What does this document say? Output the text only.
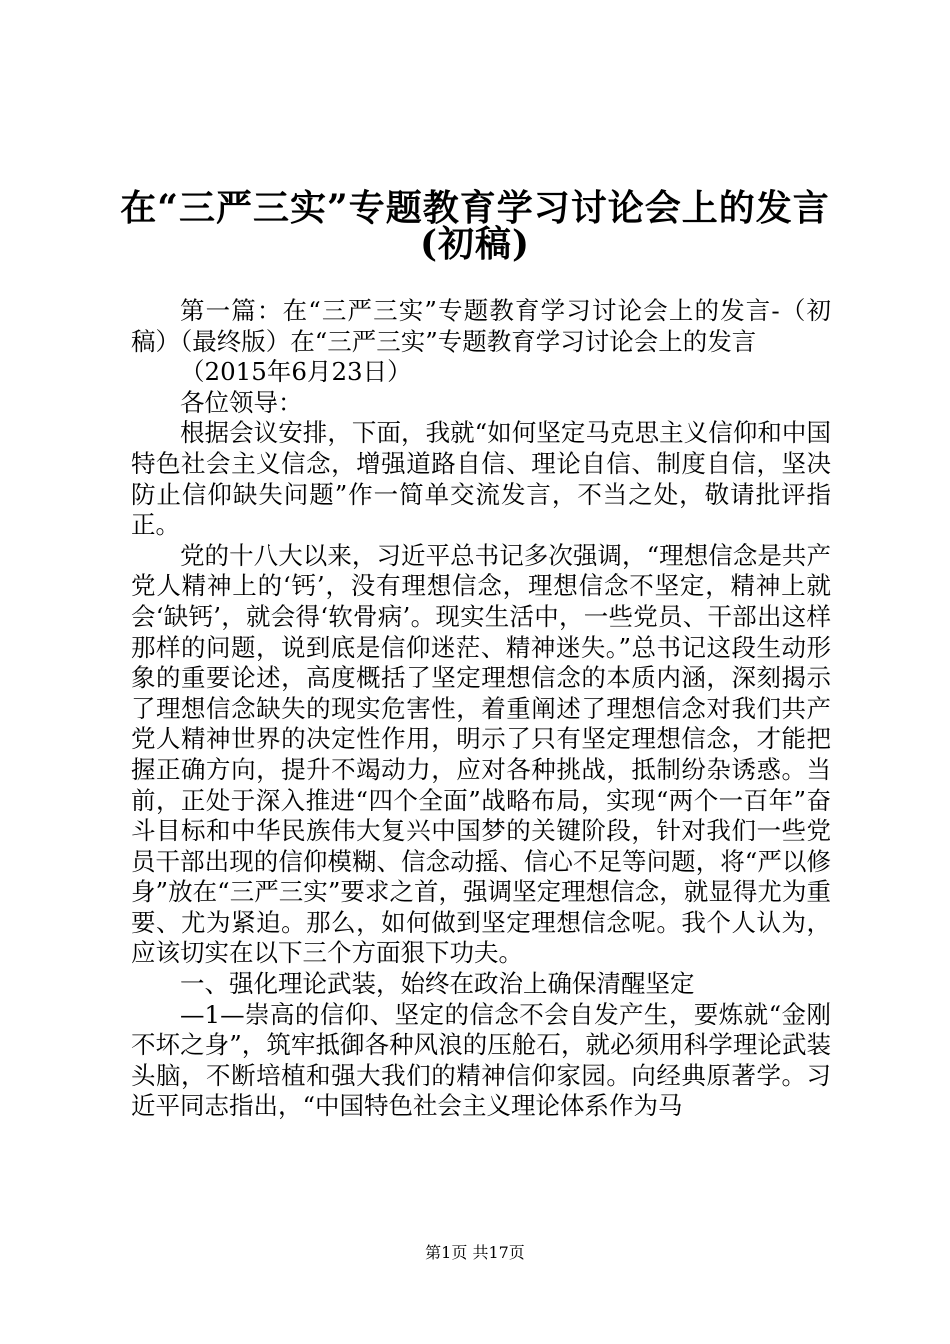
在“三严三实”专题教育学习讨论会上的发言
(初稿)

第一篇：在“三严三实”专题教育学习讨论会上的发言-（初稿）（最终版）在“三严三实”专题教育学习讨论会上的发言

（2015年6月23日）

各位领导：

根据会议安排，下面，我就“如何坚定马克思主义信仰和中国特色社会主义信念，增强道路自信、理论自信、制度自信，坚决防止信仰缺失问题”作一简单交流发言，不当之处，敬请批评指正。

党的十八大以来，习近平总书记多次强调，“理想信念是共产党人精神上的‘钙’，没有理想信念，理想信念不坚定，精神上就会‘缺钙’，就会得‘软骨病’。现实生活中，一些党员、干部出这样那样的问题，说到底是信仰迷茫、精神迷失。”总书记这段生动形象的重要论述，高度概括了坚定理想信念的本质内涵，深刻揭示了理想信念缺失的现实危害性，着重阐述了理想信念对我们共产党人精神世界的决定性作用，明示了只有坚定理想信念，才能把握正确方向，提升不竭动力，应对各种挑战，抵制纷杂诱惑。当前，正处于深入推进“四个全面”战略布局，实现“两个一百年”奋斗目标和中华民族伟大复兴中国梦的关键阶段，针对我们一些党员干部出现的信仰模糊、信念动摇、信心不足等问题，将“严以修身”放在“三严三实”要求之首，强调坚定理想信念，就显得尤为重要、尤为紧迫。那么，如何做到坚定理想信念呢。我个人认为，应该切实在以下三个方面狠下功夫。

一、强化理论武装，始终在政治上确保清醒坚定

—1—崇高的信仰、坚定的信念不会自发产生，要炼就“金刚不坏之身”，筑牢抵御各种风浪的压舱石，就必须用科学理论武装头脑，不断培植和强大我们的精神信仰家园。向经典原著学。习近平同志指出，“中国特色社会主义理论体系作为马

第1页 共17页
